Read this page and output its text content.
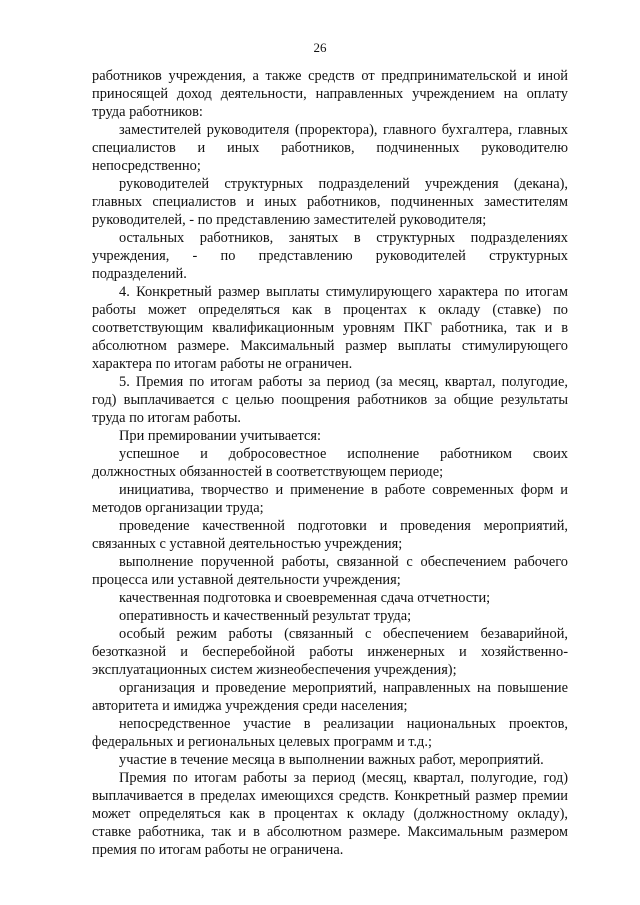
26

работников учреждения, а также средств от предпринимательской и иной приносящей доход деятельности, направленных учреждением на оплату труда работников:

заместителей руководителя (проректора), главного бухгалтера, главных специалистов и иных работников, подчиненных руководителю непосредственно;

руководителей структурных подразделений учреждения (декана), главных специалистов и иных работников, подчиненных заместителям руководителей, - по представлению заместителей руководителя;

остальных работников, занятых в структурных подразделениях учреждения, - по представлению руководителей структурных подразделений.

4. Конкретный размер выплаты стимулирующего характера по итогам работы может определяться как в процентах к окладу (ставке) по соответствующим квалификационным уровням ПКГ работника, так и в абсолютном размере. Максимальный размер выплаты стимулирующего характера по итогам работы не ограничен.

5. Премия по итогам работы за период (за месяц, квартал, полугодие, год) выплачивается с целью поощрения работников за общие результаты труда по итогам работы.

При премировании учитывается:

успешное и добросовестное исполнение работником своих должностных обязанностей в соответствующем периоде;

инициатива, творчество и применение в работе современных форм и методов организации труда;

проведение качественной подготовки и проведения мероприятий, связанных с уставной деятельностью учреждения;

выполнение порученной работы, связанной с обеспечением рабочего процесса или уставной деятельности учреждения;

качественная подготовка и своевременная сдача отчетности;

оперативность и качественный результат труда;

особый режим работы (связанный с обеспечением безаварийной, безотказной и бесперебойной работы инженерных и хозяйственно-эксплуатационных систем жизнеобеспечения учреждения);

организация и проведение мероприятий, направленных на повышение авторитета и имиджа учреждения среди населения;

непосредственное участие в реализации национальных проектов, федеральных и региональных целевых программ и т.д.;

участие в течение месяца в выполнении важных работ, мероприятий.

Премия по итогам работы за период (месяц, квартал, полугодие, год) выплачивается в пределах имеющихся средств. Конкретный размер премии может определяться как в процентах к окладу (должностному окладу), ставке работника, так и в абсолютном размере. Максимальным размером премия по итогам работы не ограничена.
